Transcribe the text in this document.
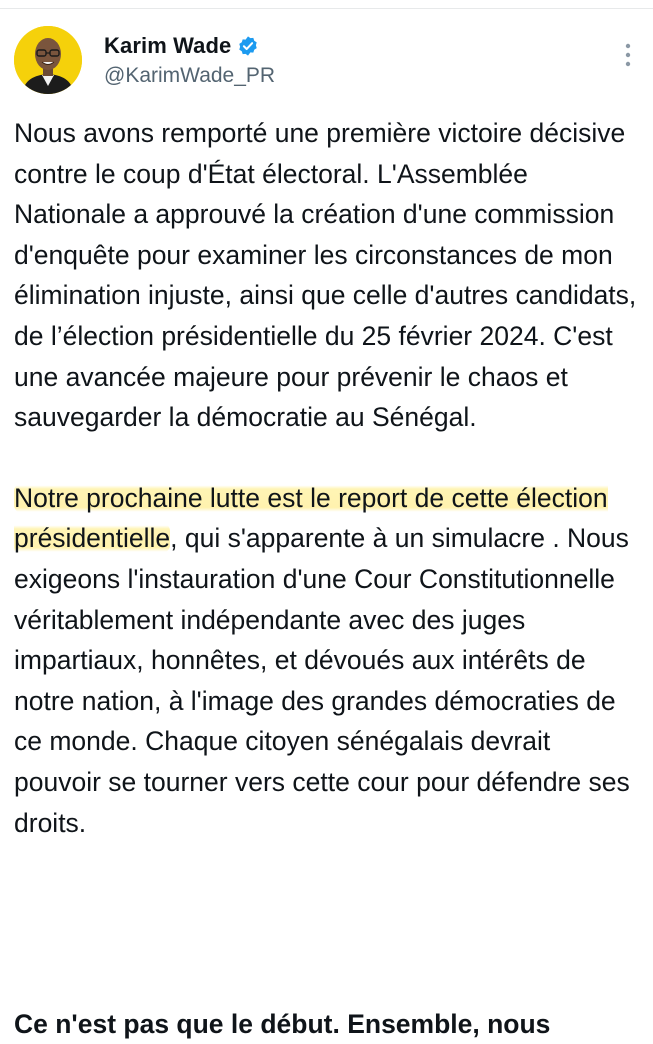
Karim Wade
@KarimWade_PR

Nous avons remporté une première victoire décisive contre le coup d'État électoral. L'Assemblée Nationale a approuvé la création d'une commission d'enquête pour examiner les circonstances de mon élimination injuste, ainsi que celle d'autres candidats, de l’élection présidentielle du 25 février 2024. C'est une avancée majeure pour prévenir le chaos et sauvegarder la démocratie au Sénégal.

Notre prochaine lutte est le report de cette élection présidentielle, qui s'apparente à un simulacre . Nous exigeons l'instauration d'une Cour Constitutionnelle véritablement indépendante avec des juges impartiaux, honnêtes, et dévoués aux intérêts de notre nation, à l'image des grandes démocraties de ce monde. Chaque citoyen sénégalais devrait pouvoir se tourner vers cette cour pour défendre ses droits.

Ce n'est pas que le début. Ensemble, nous
